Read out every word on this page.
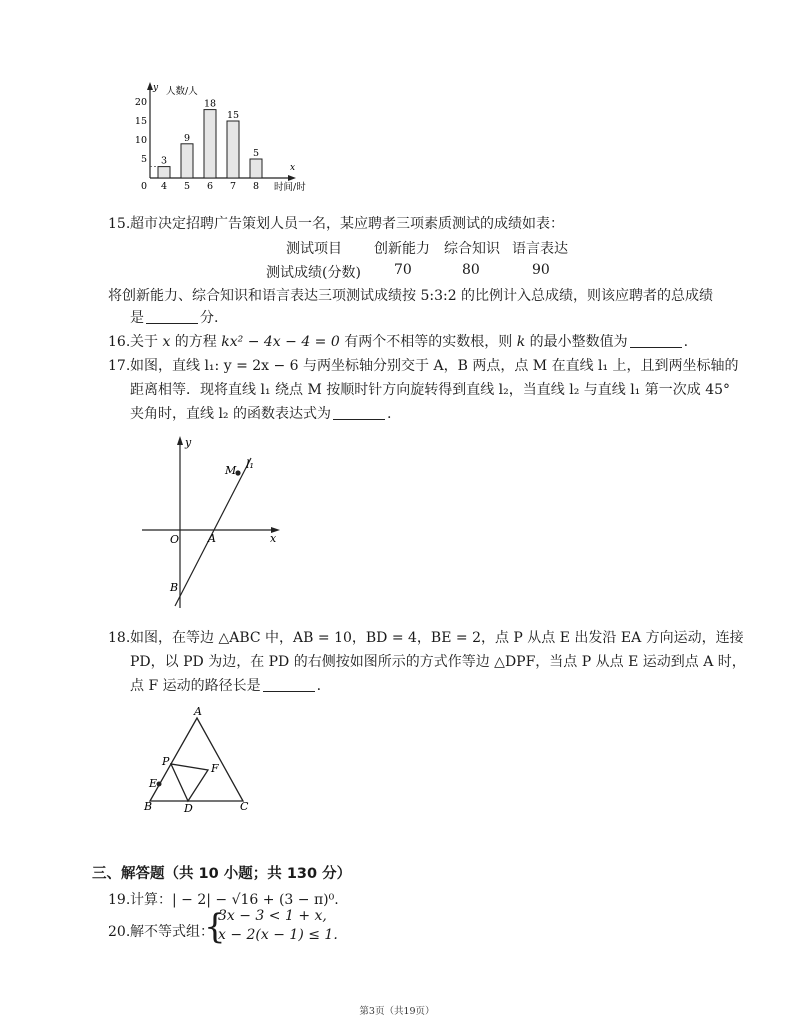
y 人数/人
x
时间/时
0
5
10
15
20
3
4
9
5
18
6
15
7
5
8
15. 超市决定招聘广告策划人员一名，某应聘者三项素质测试的成绩如表：
测试项目 创新能力 综合知识 语言表达
测试成绩(分数) 70	80	90
将创新能力、综合知识和语言表达三项测试成绩按 5:3:2 的比例计入总成绩，则该应聘者的总成绩
是	分.
16. 关于 x 的方程 kx² − 4x − 4 = 0 有两个不相等的实数根，则 k 的最小整数值为	.
17. 如图，直线 l₁: y = 2x − 6 与两坐标轴分别交于 A，B 两点，点 M 在直线 l₁ 上，且到两坐标轴的
距离相等．现将直线 l₁ 绕点 M 按顺时针方向旋转得到直线 l₂，当直线 l₂ 与直线 l₁ 第一次成 45°
夹角时，直线 l₂ 的函数表达式为	.
y
x
O	A
B
M l₁
18. 如图，在等边 △ABC 中，AB = 10，BD = 4，BE = 2，点 P 从点 E 出发沿 EA 方向运动，连接
PD，以 PD 为边，在 PD 的右侧按如图所示的方式作等边 △DPF，当点 P 从点 E 运动到点 A 时，
点 F 运动的路径长是	.
A
B	C
D
E
F
P
三、解答题（共 10 小题；共 130 分）
19. 计算：| − 2| − √16 + (3 − π)⁰.
20. 解不等式组：
{
3x − 3 < 1 + x,
x − 2(x − 1) ≤ 1.
第3页（共19页）
